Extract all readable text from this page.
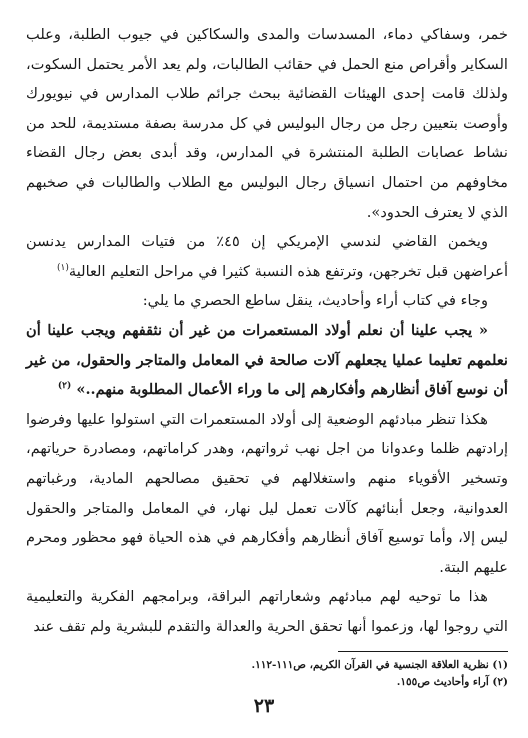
خمر، وسفاكي دماء، المسدسات والمدى والسكاكين في جيوب الطلبة، وعلب السكاير وأقراص منع الحمل في حقائب الطالبات، ولم يعد الأمر يحتمل السكوت، ولذلك قامت إحدى الهيئات القضائية ببحث جرائم طلاب المدارس في نيويورك وأوصت بتعيين رجل من رجال البوليس في كل مدرسة بصفة مستديمة، للحد من نشاط عصابات الطلبة المنتشرة في المدارس، وقد أبدى بعض رجال القضاء مخاوفهم من احتمال انسياق رجال البوليس مع الطلاب والطالبات في صخبهم الذي لا يعترف الحدود».

ويخمن القاضي لندسي الإمريكي إن ٤٥٪ من فتيات المدارس يدنسن أعراضهن قبل تخرجهن، وترتفع هذه النسبة كثيرا في مراحل التعليم العالية$^{(١)}$

وجاء في كتاب أراء وأحاديث، ينقل ساطع الحصري ما يلي:

« يجب علينا أن نعلم أولاد المستعمرات من غير أن نثقفهم ويجب علينا أن نعلمهم تعليما عمليا يجعلهم آلات صالحة في المعامل والمتاجر والحقول، من غير أن نوسع آفاق أنظارهم وأفكارهم إلى ما وراء الأعمال المطلوبة منهم..» $^{(٢)}$

هكذا تنظر مبادئهم الوضعية إلى أولاد المستعمرات التي استولوا عليها وفرضوا إرادتهم ظلما وعدوانا من اجل نهب ثرواتهم، وهدر كراماتهم، ومصادرة حرياتهم، وتسخير الأقوياء منهم واستغلالهم في تحقيق مصالحهم المادية، ورغباتهم العدوانية، وجعل أبنائهم كآلات تعمل ليل نهار، في المعامل والمتاجر والحقول ليس إلا، وأما توسيع آفاق أنظارهم وأفكارهم في هذه الحياة فهو محظور ومحرم عليهم البتة.

هذا ما توحيه لهم مبادئهم وشعاراتهم البراقة، وبرامجهم الفكرية والتعليمية التي روجوا لها، وزعموا أنها تحقق الحرية والعدالة والتقدم للبشرية ولم تقف عند

(١) نظرية العلاقة الجنسية في القرآن الكريم، ص١١١-١١٢.

(٢) آراء وأحاديث ص١٥٥.

٢٣
